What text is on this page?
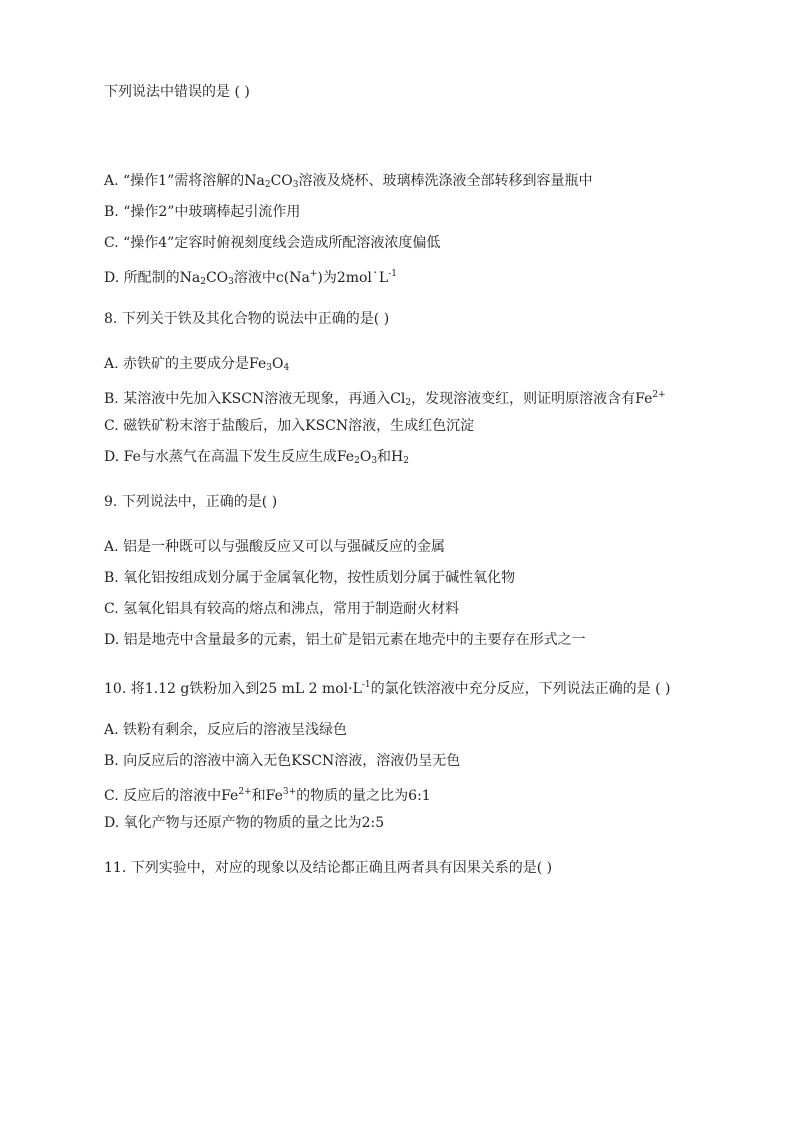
下列说法中错误的是 ( )
A. “操作1”需将溶解的$Na_2CO_3$溶液及烧杯、玻璃棒洗涤液全部转移到容量瓶中
B. “操作2”中玻璃棒起引流作用
C. “操作4”定容时俯视刻度线会造成所配溶液浓度偏低
D. 所配制的$Na_2CO_3$溶液中c(Na+)为$2mol˙L^{-1}$
8. 下列关于铁及其化合物的说法中正确的是( )
A. 赤铁矿的主要成分是$Fe_3O_4$
B. 某溶液中先加入KSCN溶液无现象，再通入$Cl_2$，发现溶液变红，则证明原溶液含有$Fe^{2+}$
C. 磁铁矿粉末溶于盐酸后，加入KSCN溶液，生成红色沉淀
D. Fe与水蒸气在高温下发生反应生成$Fe_2O_3$和$H_2$
9. 下列说法中，正确的是( )
A. 铝是一种既可以与强酸反应又可以与强碱反应的金属
B. 氧化铝按组成划分属于金属氧化物，按性质划分属于碱性氧化物
C. 氢氧化铝具有较高的熔点和沸点，常用于制造耐火材料
D. 铝是地壳中含量最多的元素，铝土矿是铝元素在地壳中的主要存在形式之一
10. 将1.12 g铁粉加入到25 mL 2 $mol\cdot L^{-1}$的氯化铁溶液中充分反应，下列说法正确的是 ( )
A. 铁粉有剩余，反应后的溶液呈浅绿色
B. 向反应后的溶液中滴入无色KSCN溶液，溶液仍呈无色
C. 反应后的溶液中$Fe^{2+}$和$Fe^{3+}$的物质的量之比为6:1
D. 氧化产物与还原产物的物质的量之比为2:5
11. 下列实验中，对应的现象以及结论都正确且两者具有因果关系的是( )
